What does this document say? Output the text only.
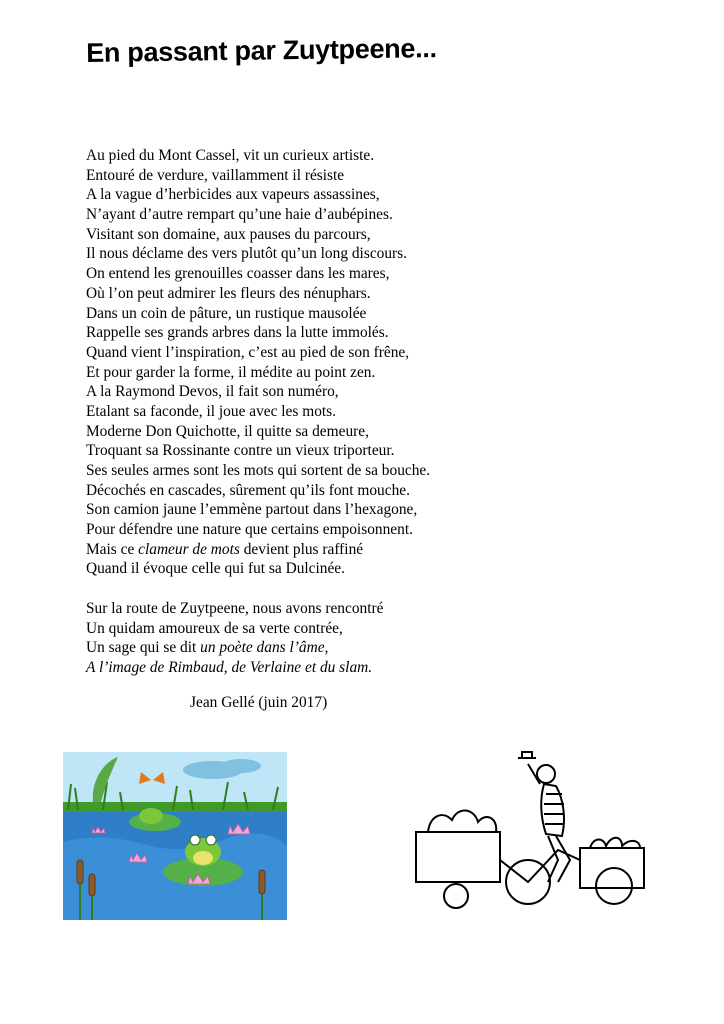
En passant par Zuytpeene...
Au pied du Mont Cassel, vit un curieux artiste.
Entouré de verdure, vaillamment il résiste
A la vague d’herbicides aux vapeurs assassines,
N’ayant d’autre rempart qu’une haie d’aubépines.
Visitant son domaine, aux pauses du parcours,
Il nous déclame des vers plutôt qu’un long discours.
On entend les grenouilles coasser dans les mares,
Où l’on peut admirer les fleurs des nénuphars.
Dans un coin de pâture, un rustique mausolée
Rappelle ses grands arbres dans la lutte immolés.
Quand vient l’inspiration, c’est au pied de son frêne,
Et pour garder la forme, il médite au point zen.
A la Raymond Devos, il fait son numéro,
Etalant sa faconde, il joue avec les mots.
Moderne Don Quichotte, il quitte sa demeure,
Troquant sa Rossinante contre un vieux triporteur.
Ses seules armes sont les mots qui sortent de sa bouche.
Décochés en cascades, sûrement qu’ils font mouche.
Son camion jaune l’emmène partout dans l’hexagone,
Pour défendre une nature que certains empoisonnent.
Mais ce clameur de mots devient plus raffiné
Quand il évoque celle qui fut sa Dulcinée.
Sur la route de Zuytpeene, nous avons rencontré
Un quidam amoureux de sa verte contrée,
Un sage qui se dit un poète dans l’âme,
A l’image de Rimbaud, de Verlaine et du slam.
Jean Gellé (juin 2017)
